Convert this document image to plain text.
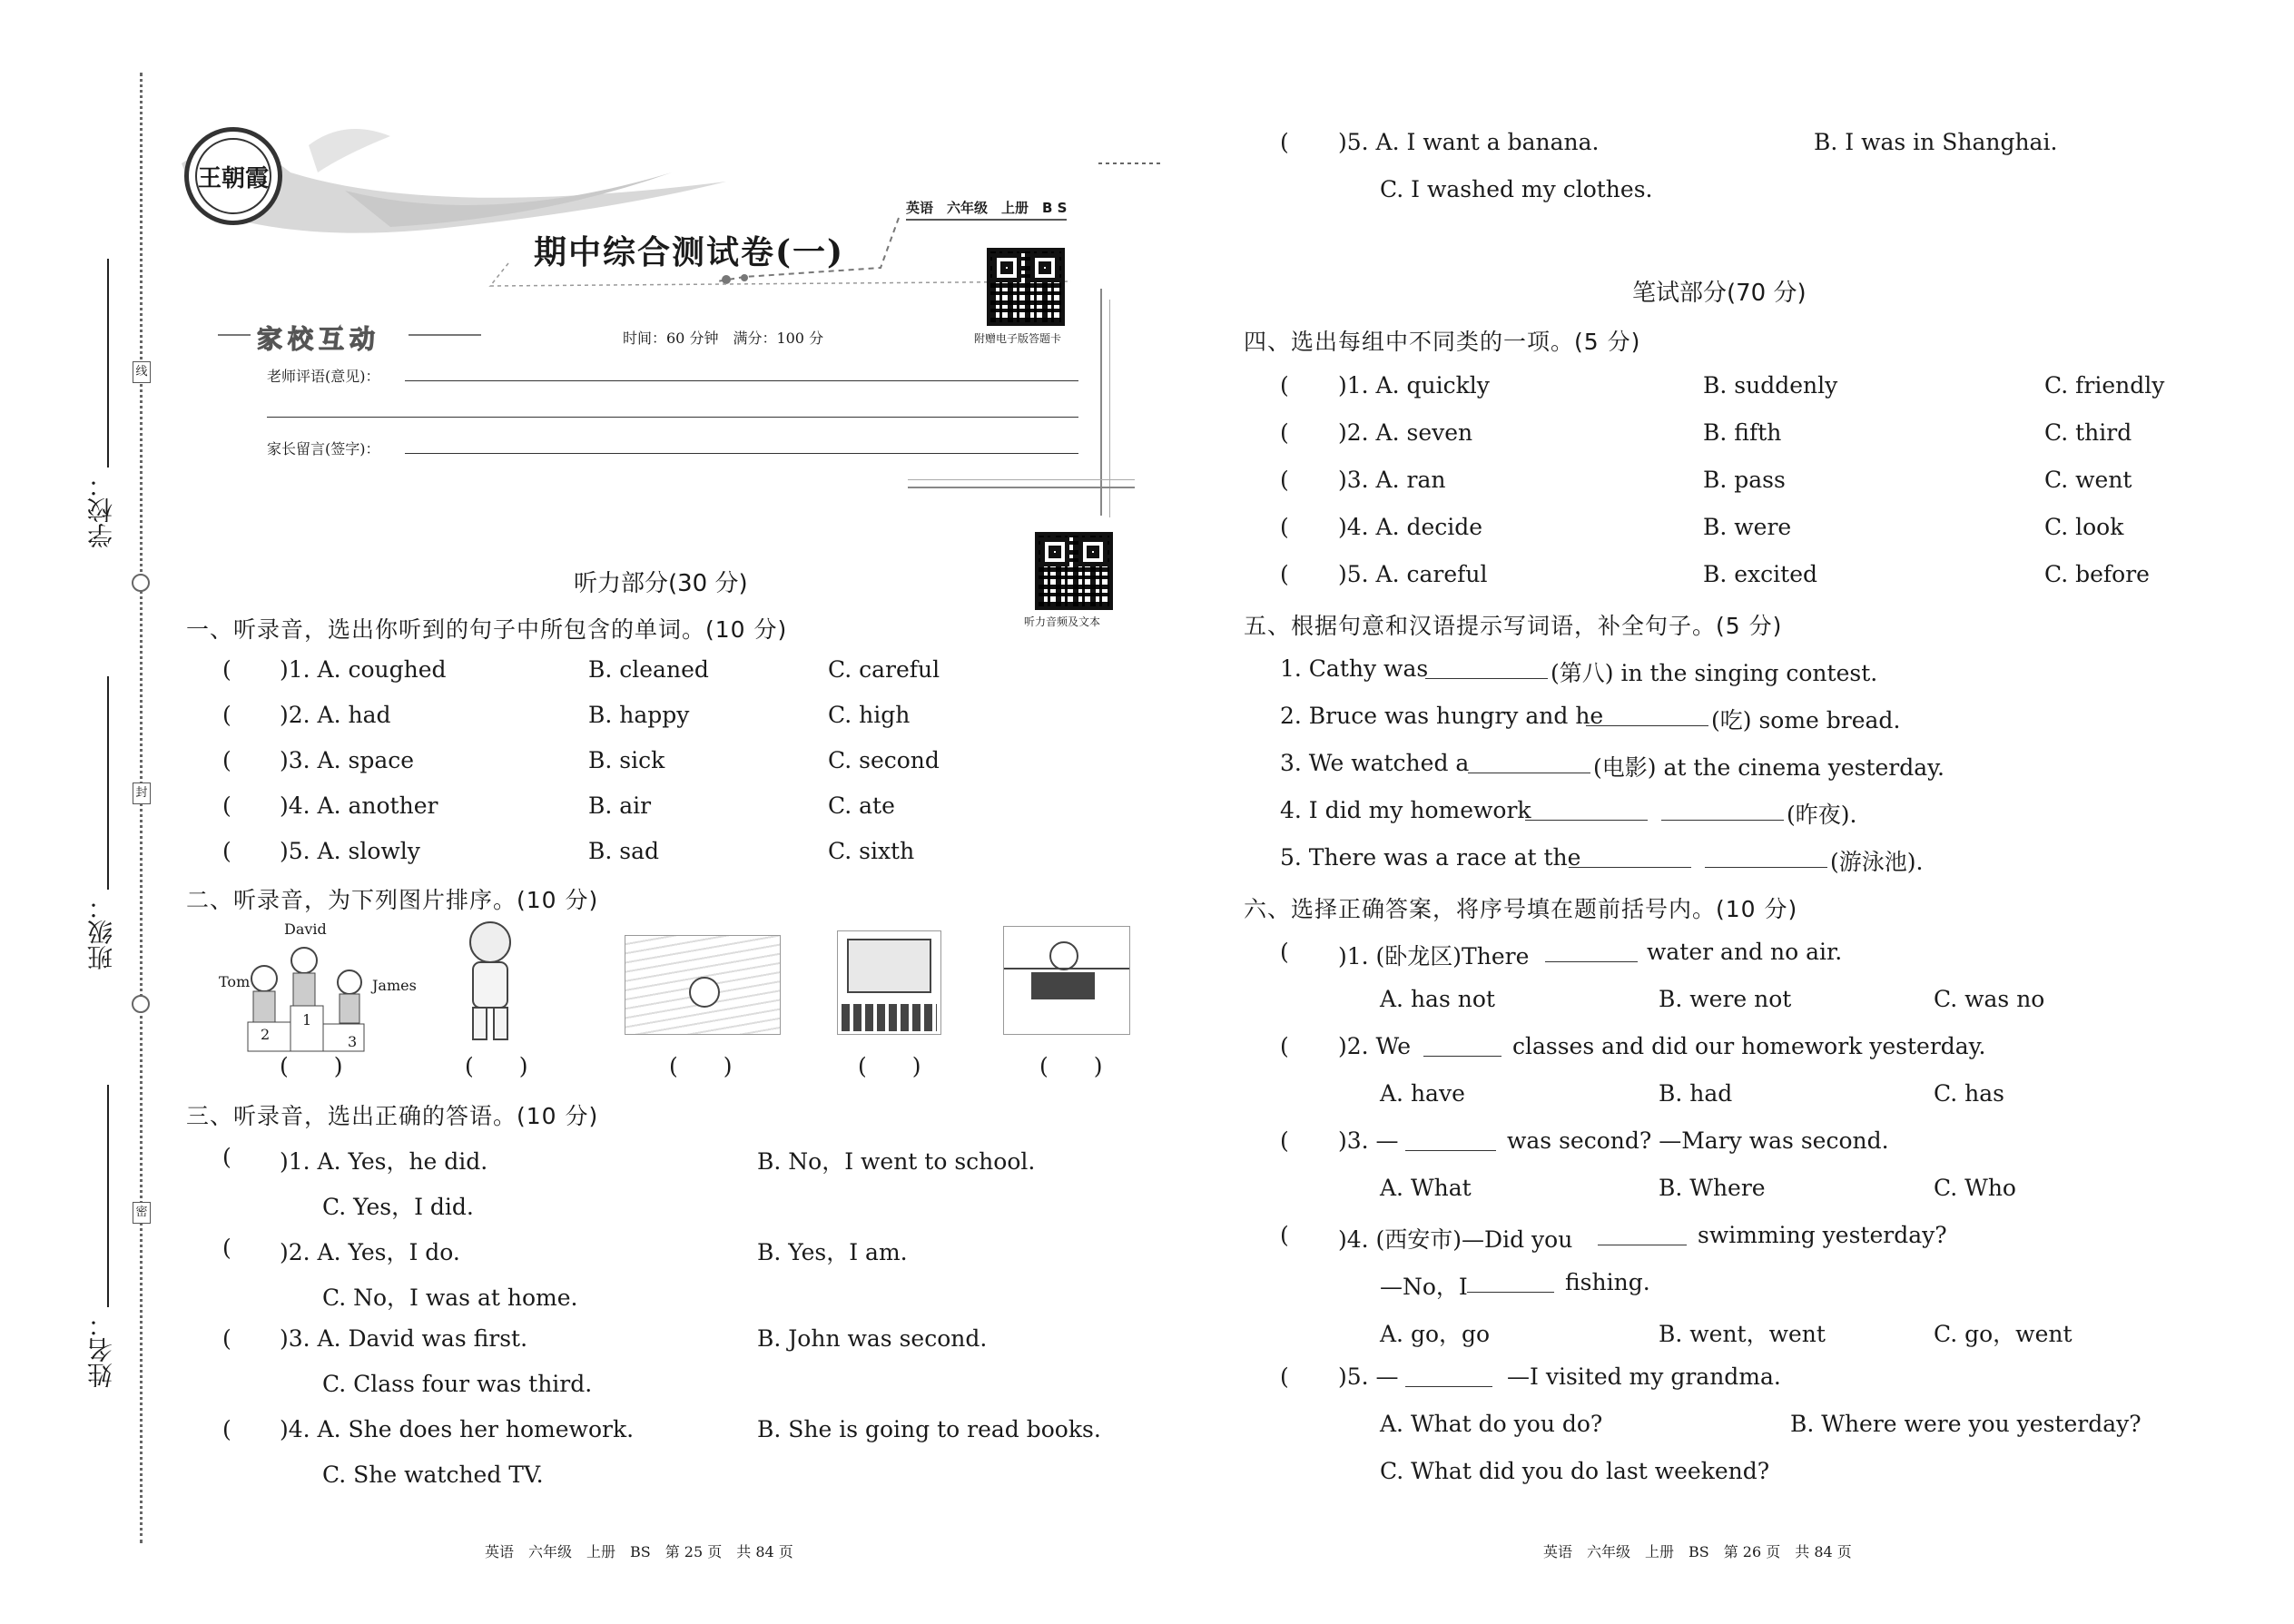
线
封
密
学校：
班级：
姓名：
王朝霞
英语　六年级　上册　B S
期中综合测试卷(一)
附赠电子版答题卡
家校互动	时间：60 分钟　满分：100 分
老师评语(意见)：
家长留言(签字)：
听力部分(30 分)
听力音频及文本
一、听录音，选出你听到的句子中所包含的单词。(10 分)
( )1. A. coughed	B. cleaned	C. careful
( )2. A. had	B. happy	C. high
( )3. A. space	B. sick	C. second
( )4. A. another	B. air	C. ate
( )5. A. slowly	B. sad	C. sixth
二、听录音，为下列图片排序。(10 分)
David
Tom	James
1
2	3
(　　)	(　　)	(　　)	(　　)	(　　)
三、听录音，选出正确的答语。(10 分)
( )1. A. Yes，he did.	B. No，I went to school.
C. Yes，I did.
( )2. A. Yes，I do.	B. Yes，I am.
C. No，I was at home.
( )3. A. David was first.	B. John was second.
C. Class four was third.
( )4. A. She does her homework.	B. She is going to read books.
C. She watched TV.
英语　六年级　上册　BS　第 25 页　共 84 页
( )5. A. I want a banana.	B. I was in Shanghai.
C. I washed my clothes.
笔试部分(70 分)
四、选出每组中不同类的一项。(5 分)
( )1. A. quickly	B. suddenly	C. friendly
( )2. A. seven	B. fifth	C. third
( )3. A. ran	B. pass	C. went
( )4. A. decide	B. were	C. look
( )5. A. careful	B. excited	C. before
五、根据句意和汉语提示写词语，补全句子。(5 分)
1. Cathy was	(第八) in the singing contest.
2. Bruce was hungry and he	(吃) some bread.
3. We watched a	(电影) at the cinema yesterday.
4. I did my homework	(昨夜).
5. There was a race at the	(游泳池).
六、选择正确答案，将序号填在题前括号内。(10 分)
( )1. (卧龙区)There	water and no air.
A. has not	B. were not	C. was no
( )2. We	classes and did our homework yesterday.
A. have	B. had	C. has
( )3. —	was second? —Mary was second.
A. What	B. Where	C. Who
( )4. (西安市)—Did you	swimming yesterday?
—No，I	fishing.
A. go，go	B. went，went	C. go，went
( )5. —	—I visited my grandma.
A. What do you do?	B. Where were you yesterday?
C. What did you do last weekend?
英语　六年级　上册　BS　第 26 页　共 84 页
